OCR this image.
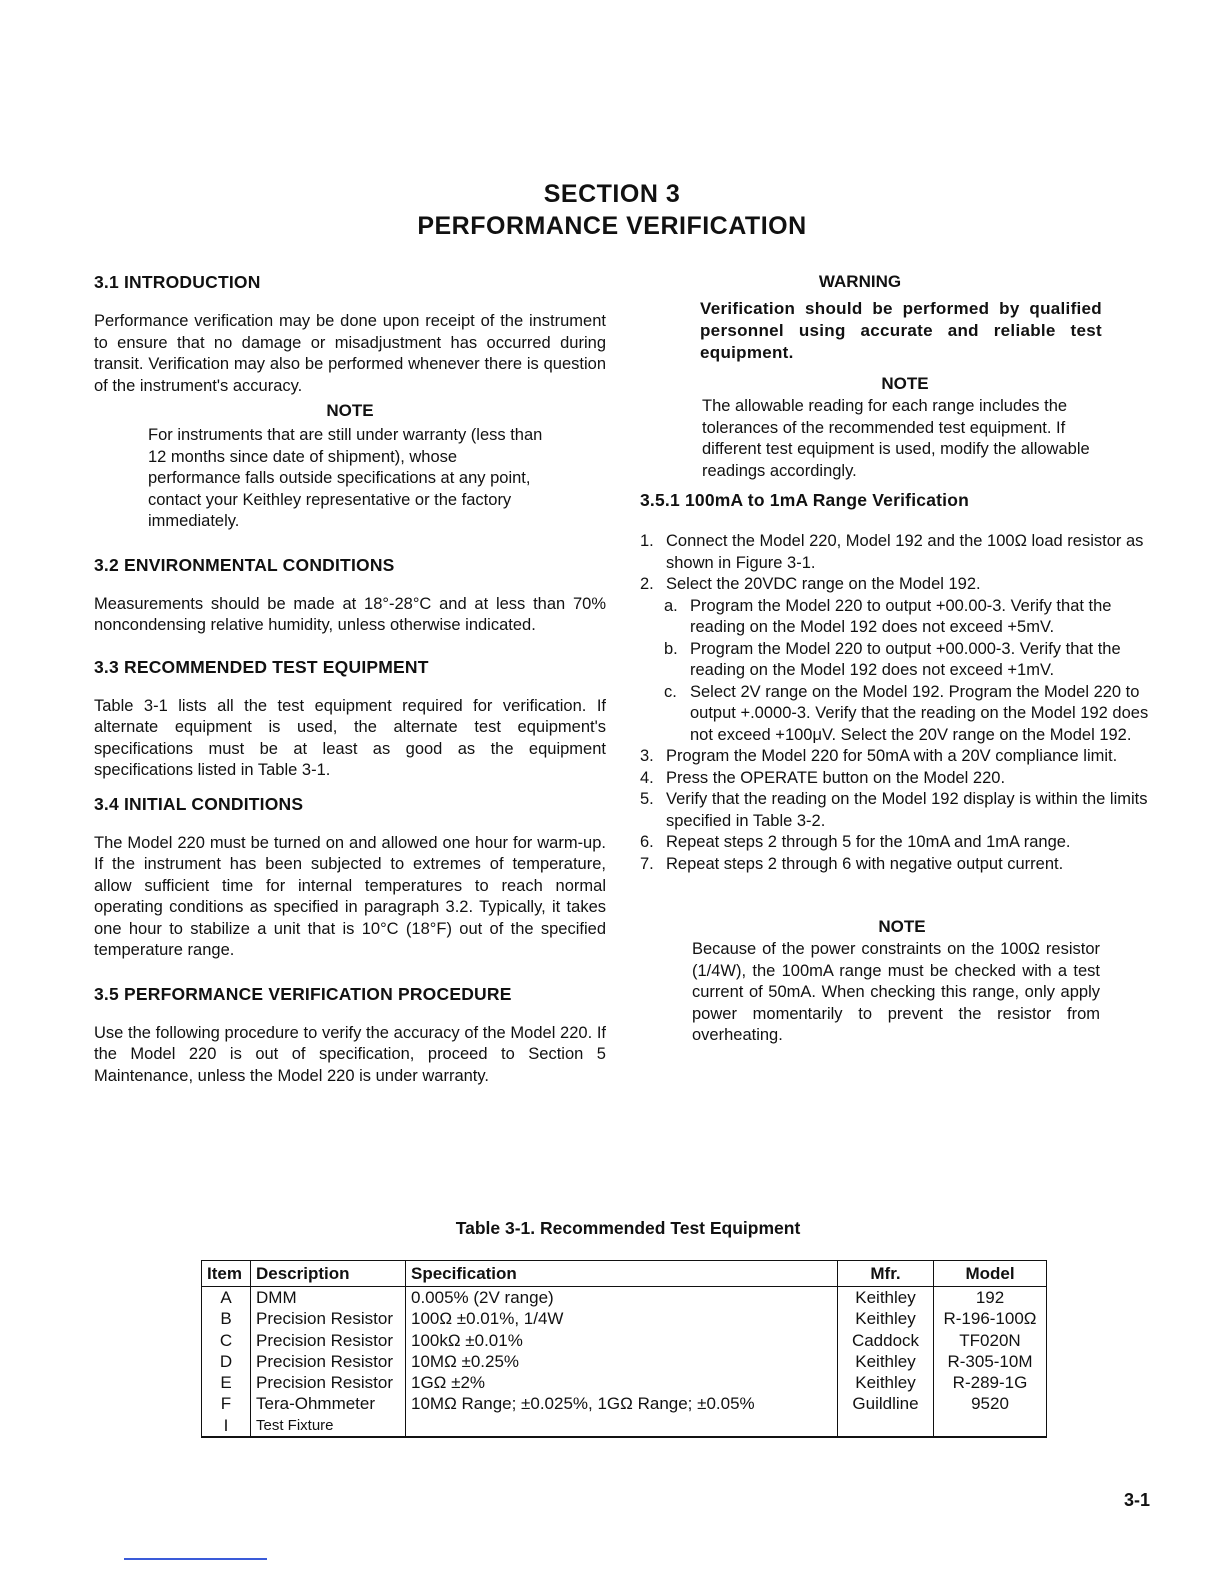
SECTION 3
PERFORMANCE VERIFICATION

3.1 INTRODUCTION

Performance verification may be done upon receipt of the instrument to ensure that no damage or misadjustment has occurred during transit. Verification may also be performed whenever there is question of the instrument's accuracy.

NOTE

For instruments that are still under warranty (less than 12 months since date of shipment), whose performance falls outside specifications at any point, contact your Keithley representative or the factory immediately.

3.2 ENVIRONMENTAL CONDITIONS

Measurements should be made at 18°-28°C and at less than 70% noncondensing relative humidity, unless otherwise indicated.

3.3 RECOMMENDED TEST EQUIPMENT

Table 3-1 lists all the test equipment required for verification. If alternate equipment is used, the alternate test equipment's specifications must be at least as good as the equipment specifications listed in Table 3-1.

3.4 INITIAL CONDITIONS

The Model 220 must be turned on and allowed one hour for warm-up. If the instrument has been subjected to extremes of temperature, allow sufficient time for internal temperatures to reach normal operating conditions as specified in paragraph 3.2. Typically, it takes one hour to stabilize a unit that is 10°C (18°F) out of the specified temperature range.

3.5 PERFORMANCE VERIFICATION PROCEDURE

Use the following procedure to verify the accuracy of the Model 220. If the Model 220 is out of specification, proceed to Section 5 Maintenance, unless the Model 220 is under warranty.

WARNING

Verification should be performed by qualified personnel using accurate and reliable test equipment.

NOTE

The allowable reading for each range includes the tolerances of the recommended test equipment. If different test equipment is used, modify the allowable readings accordingly.

3.5.1 100mA to 1mA Range Verification

1. Connect the Model 220, Model 192 and the 100Ω load resistor as shown in Figure 3-1.
2. Select the 20VDC range on the Model 192.
a. Program the Model 220 to output +00.00-3. Verify that the reading on the Model 192 does not exceed +5mV.
b. Program the Model 220 to output +00.000-3. Verify that the reading on the Model 192 does not exceed +1mV.
c. Select 2V range on the Model 192. Program the Model 220 to output +.0000-3. Verify that the reading on the Model 192 does not exceed +100μV. Select the 20V range on the Model 192.
3. Program the Model 220 for 50mA with a 20V compliance limit.
4. Press the OPERATE button on the Model 220.
5. Verify that the reading on the Model 192 display is within the limits specified in Table 3-2.
6. Repeat steps 2 through 5 for the 10mA and 1mA range.
7. Repeat steps 2 through 6 with negative output current.

NOTE

Because of the power constraints on the 100Ω resistor (1/4W), the 100mA range must be checked with a test current of 50mA. When checking this range, only apply power momentarily to prevent the resistor from overheating.

Table 3-1. Recommended Test Equipment
Item	Description	Specification	Mfr.	Model
A	DMM	0.005% (2V range)	Keithley	192
B	Precision Resistor	100Ω ±0.01%, 1/4W	Keithley	R-196-100Ω
C	Precision Resistor	100kΩ ±0.01%	Caddock	TF020N
D	Precision Resistor	10MΩ ±0.25%	Keithley	R-305-10M
E	Precision Resistor	1GΩ ±2%	Keithley	R-289-1G
F	Tera-Ohmmeter	10MΩ Range; ±0.025%, 1GΩ Range; ±0.05%	Guildline	9520
I	Test Fixture			
3-1
